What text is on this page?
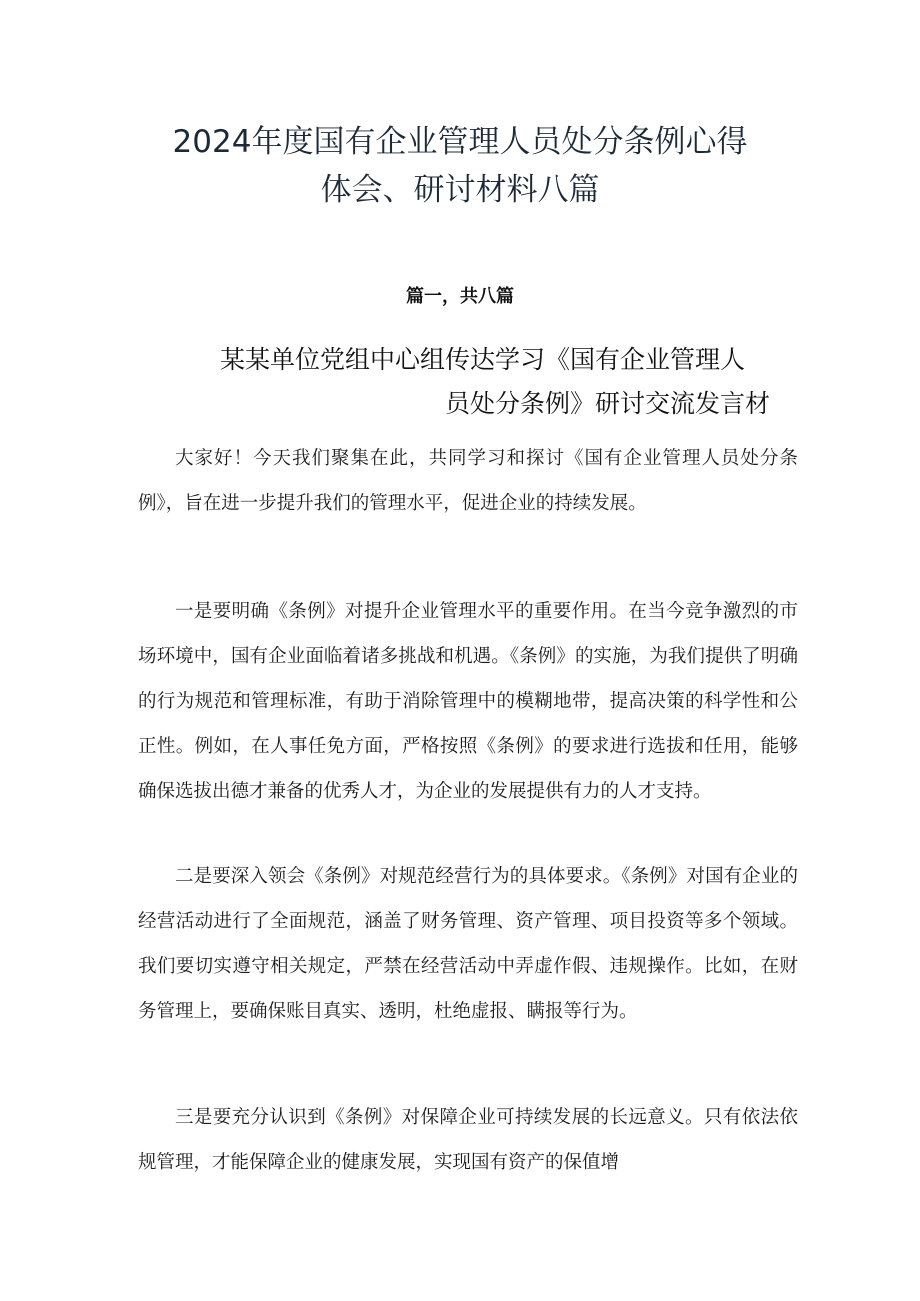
2024年度国有企业管理人员处分条例心得
体会、研讨材料八篇
篇一，共八篇
某某单位党组中心组传达学习《国有企业管理人
员处分条例》研讨交流发言材

大家好！今天我们聚集在此，共同学习和探讨《国有企业管理人员处分条例》，旨在进一步提升我们的管理水平，促进企业的持续发展。

一是要明确《条例》对提升企业管理水平的重要作用。在当今竞争激烈的市场环境中，国有企业面临着诸多挑战和机遇。《条例》的实施，为我们提供了明确的行为规范和管理标准，有助于消除管理中的模糊地带，提高决策的科学性和公正性。例如，在人事任免方面，严格按照《条例》的要求进行选拔和任用，能够确保选拔出德才兼备的优秀人才，为企业的发展提供有力的人才支持。

二是要深入领会《条例》对规范经营行为的具体要求。《条例》对国有企业的经营活动进行了全面规范，涵盖了财务管理、资产管理、项目投资等多个领域。我们要切实遵守相关规定，严禁在经营活动中弄虚作假、违规操作。比如，在财务管理上，要确保账目真实、透明，杜绝虚报、瞒报等行为。

三是要充分认识到《条例》对保障企业可持续发展的长远意义。只有依法依规管理，才能保障企业的健康发展，实现国有资产的保值增
